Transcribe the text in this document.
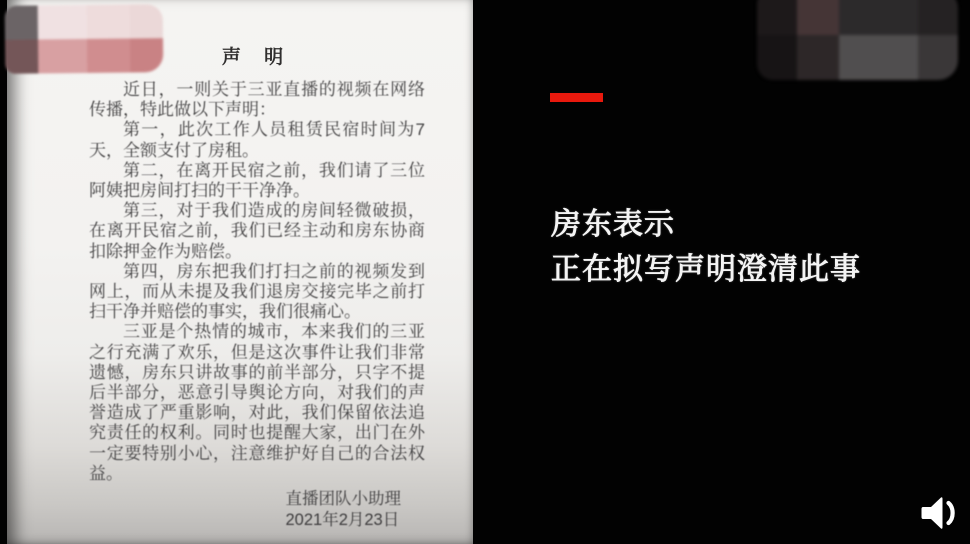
声 明

近日，一则关于三亚直播的视频在网络传播，特此做以下声明：

第一，此次工作人员租赁民宿时间为7天，全额支付了房租。

第二，在离开民宿之前，我们请了三位阿姨把房间打扫的干干净净。

第三，对于我们造成的房间轻微破损，在离开民宿之前，我们已经主动和房东协商扣除押金作为赔偿。

第四，房东把我们打扫之前的视频发到网上，而从未提及我们退房交接完毕之前打扫干净并赔偿的事实，我们很痛心。

三亚是个热情的城市，本来我们的三亚之行充满了欢乐，但是这次事件让我们非常遗憾，房东只讲故事的前半部分，只字不提后半部分，恶意引导舆论方向，对我们的声誉造成了严重影响，对此，我们保留依法追究责任的权利。同时也提醒大家，出门在外一定要特别小心，注意维护好自己的合法权益。

直播团队小助理
2021年2月23日
房东表示
正在拟写声明澄清此事
